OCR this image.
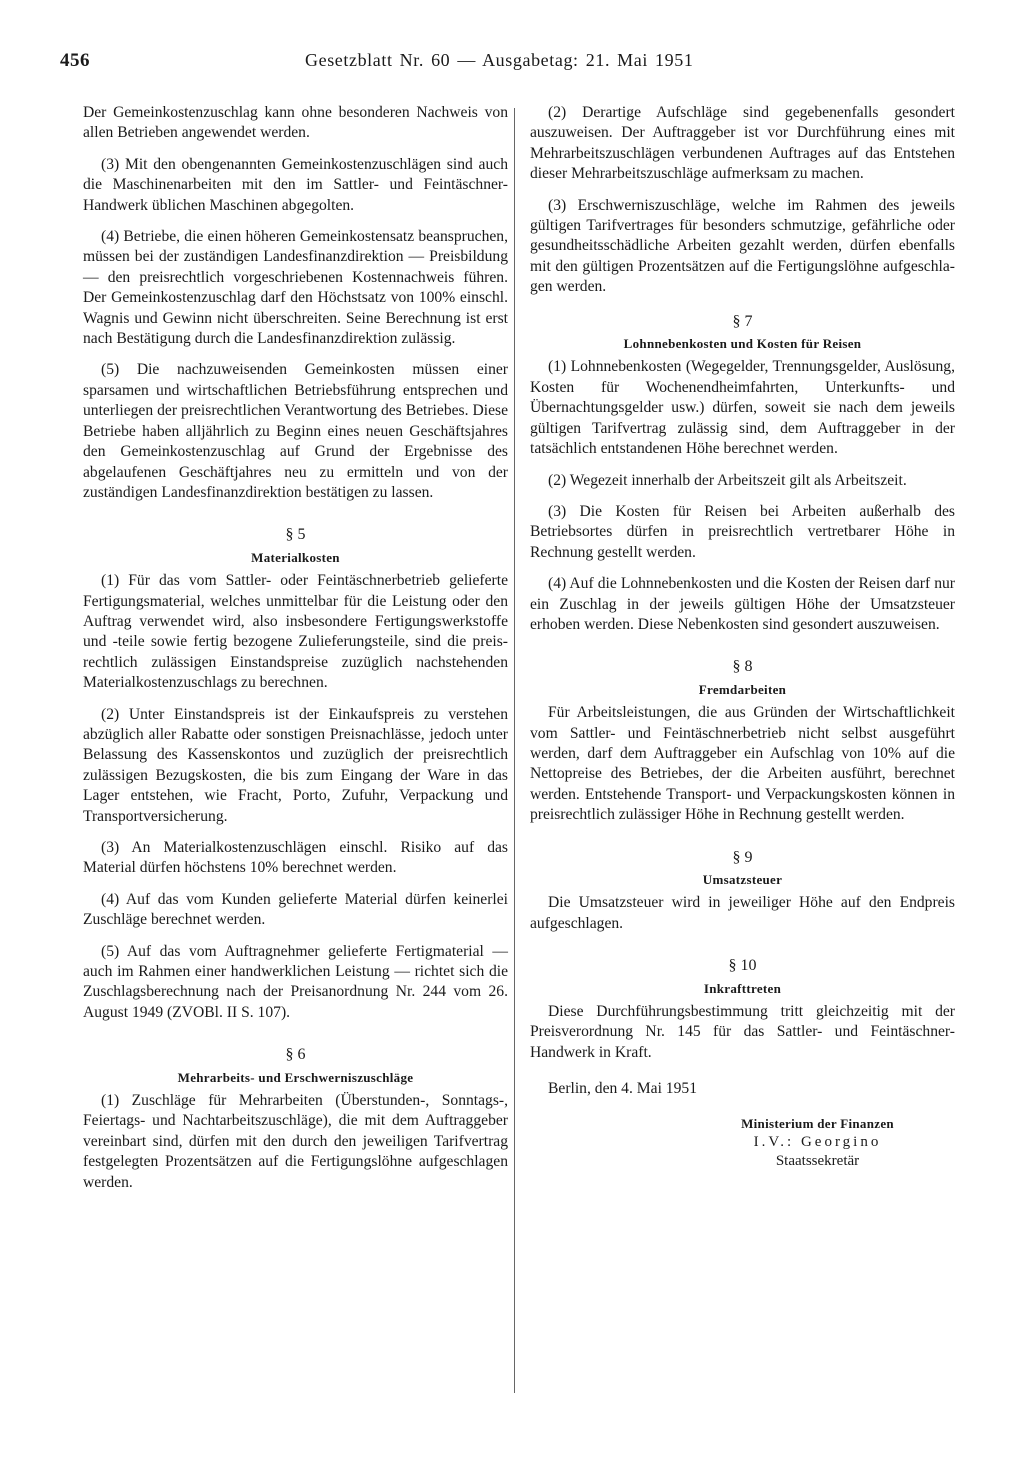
456	Gesetzblatt Nr. 60 — Ausgabetag: 21. Mai 1951

Der Gemeinkostenzuschlag kann ohne besonderen Nachweis von allen Betrieben angewendet werden.

(3) Mit den obengenannten Gemeinkostenzuschlägen sind auch die Maschinenarbeiten mit den im Sattler- und Feintäschner-Handwerk üblichen Maschinen abgegolten.

(4) Betriebe, die einen höheren Gemeinkostensatz beanspruchen, müssen bei der zuständigen Landesfinanzdirektion — Preisbildung — den preisrechtlich vorgeschriebenen Kostennachweis führen. Der Gemeinkostenzuschlag darf den Höchstsatz von 100% einschl. Wagnis und Gewinn nicht überschreiten. Seine Berechnung ist erst nach Bestätigung durch die Landesfinanzdirektion zulässig.

(5) Die nachzuweisenden Gemeinkosten müssen einer sparsamen und wirtschaftlichen Betriebsführung entsprechen und unterliegen der preisrechtlichen Verantwortung des Betriebes. Diese Betriebe haben alljährlich zu Beginn eines neuen Geschäftsjahres den Gemeinkostenzuschlag auf Grund der Ergebnisse des abgelaufenen Geschäftjahres neu zu ermitteln und von der zuständigen Landesfinanzdirektion bestätigen zu lassen.

§ 5
Materialkosten

(1) Für das vom Sattler- oder Feintäschnerbetrieb gelieferte Fertigungsmaterial, welches unmittelbar für die Leistung oder den Auftrag verwendet wird, also insbesondere Fertigungswerkstoffe und -teile sowie fertig bezogene Zulieferungsteile, sind die preisrechtlich zulässigen Einstandspreise zuzüglich nachstehenden Materialkostenzuschlags zu berechnen.

(2) Unter Einstandspreis ist der Einkaufspreis zu verstehen abzüglich aller Rabatte oder sonstigen Preisnachlässe, jedoch unter Belassung des Kassenskontos und zuzüglich der preisrechtlich zulässigen Bezugskosten, die bis zum Eingang der Ware in das Lager entstehen, wie Fracht, Porto, Zufuhr, Verpackung und Transportversicherung.

(3) An Materialkostenzuschlägen einschl. Risiko auf das Material dürfen höchstens 10% berechnet werden.

(4) Auf das vom Kunden gelieferte Material dürfen keinerlei Zuschläge berechnet werden.

(5) Auf das vom Auftragnehmer gelieferte Fertigmaterial — auch im Rahmen einer handwerklichen Leistung — richtet sich die Zuschlagsberechnung nach der Preisanordnung Nr. 244 vom 26. August 1949 (ZVOBl. II S. 107).

§ 6
Mehrarbeits- und Erschwerniszuschläge

(1) Zuschläge für Mehrarbeiten (Überstunden-, Sonntags-, Feiertags- und Nachtarbeitszuschläge), die mit dem Auftraggeber vereinbart sind, dürfen mit den durch den jeweiligen Tarifvertrag festgelegten Prozentsätzen auf die Fertigungslöhne aufgeschlagen werden.

(2) Derartige Aufschläge sind gegebenenfalls gesondert auszuweisen. Der Auftraggeber ist vor Durchführung eines mit Mehrarbeitszuschlägen verbundenen Auftrages auf das Entstehen dieser Mehrarbeitszuschläge aufmerksam zu machen.

(3) Erschwerniszuschläge, welche im Rahmen des jeweils gültigen Tarifvertrages für besonders schmutzige, gefährliche oder gesundheitsschädliche Arbeiten gezahlt werden, dürfen ebenfalls mit den gültigen Prozentsätzen auf die Fertigungslöhne aufgeschlagen werden.

§ 7
Lohnnebenkosten und Kosten für Reisen

(1) Lohnnebenkosten (Wegegelder, Trennungsgelder, Auslösung, Kosten für Wochenendheimfahrten, Unterkunfts- und Übernachtungsgelder usw.) dürfen, soweit sie nach dem jeweils gültigen Tarifvertrag zulässig sind, dem Auftraggeber in der tatsächlich entstandenen Höhe berechnet werden.

(2) Wegezeit innerhalb der Arbeitszeit gilt als Arbeitszeit.

(3) Die Kosten für Reisen bei Arbeiten außerhalb des Betriebsortes dürfen in preisrechtlich vertretbarer Höhe in Rechnung gestellt werden.

(4) Auf die Lohnnebenkosten und die Kosten der Reisen darf nur ein Zuschlag in der jeweils gültigen Höhe der Umsatzsteuer erhoben werden. Diese Nebenkosten sind gesondert auszuweisen.

§ 8
Fremdarbeiten

Für Arbeitsleistungen, die aus Gründen der Wirtschaftlichkeit vom Sattler- und Feintäschnerbetrieb nicht selbst ausgeführt werden, darf dem Auftraggeber ein Aufschlag von 10% auf die Nettopreise des Betriebes, der die Arbeiten ausführt, berechnet werden. Entstehende Transport- und Verpackungskosten können in preisrechtlich zulässiger Höhe in Rechnung gestellt werden.

§ 9
Umsatzsteuer

Die Umsatzsteuer wird in jeweiliger Höhe auf den Endpreis aufgeschlagen.

§ 10
Inkrafttreten

Diese Durchführungsbestimmung tritt gleichzeitig mit der Preisverordnung Nr. 145 für das Sattler- und Feintäschner-Handwerk in Kraft.

Berlin, den 4. Mai 1951

Ministerium der Finanzen
I.V.: Georgino
Staatssekretär
